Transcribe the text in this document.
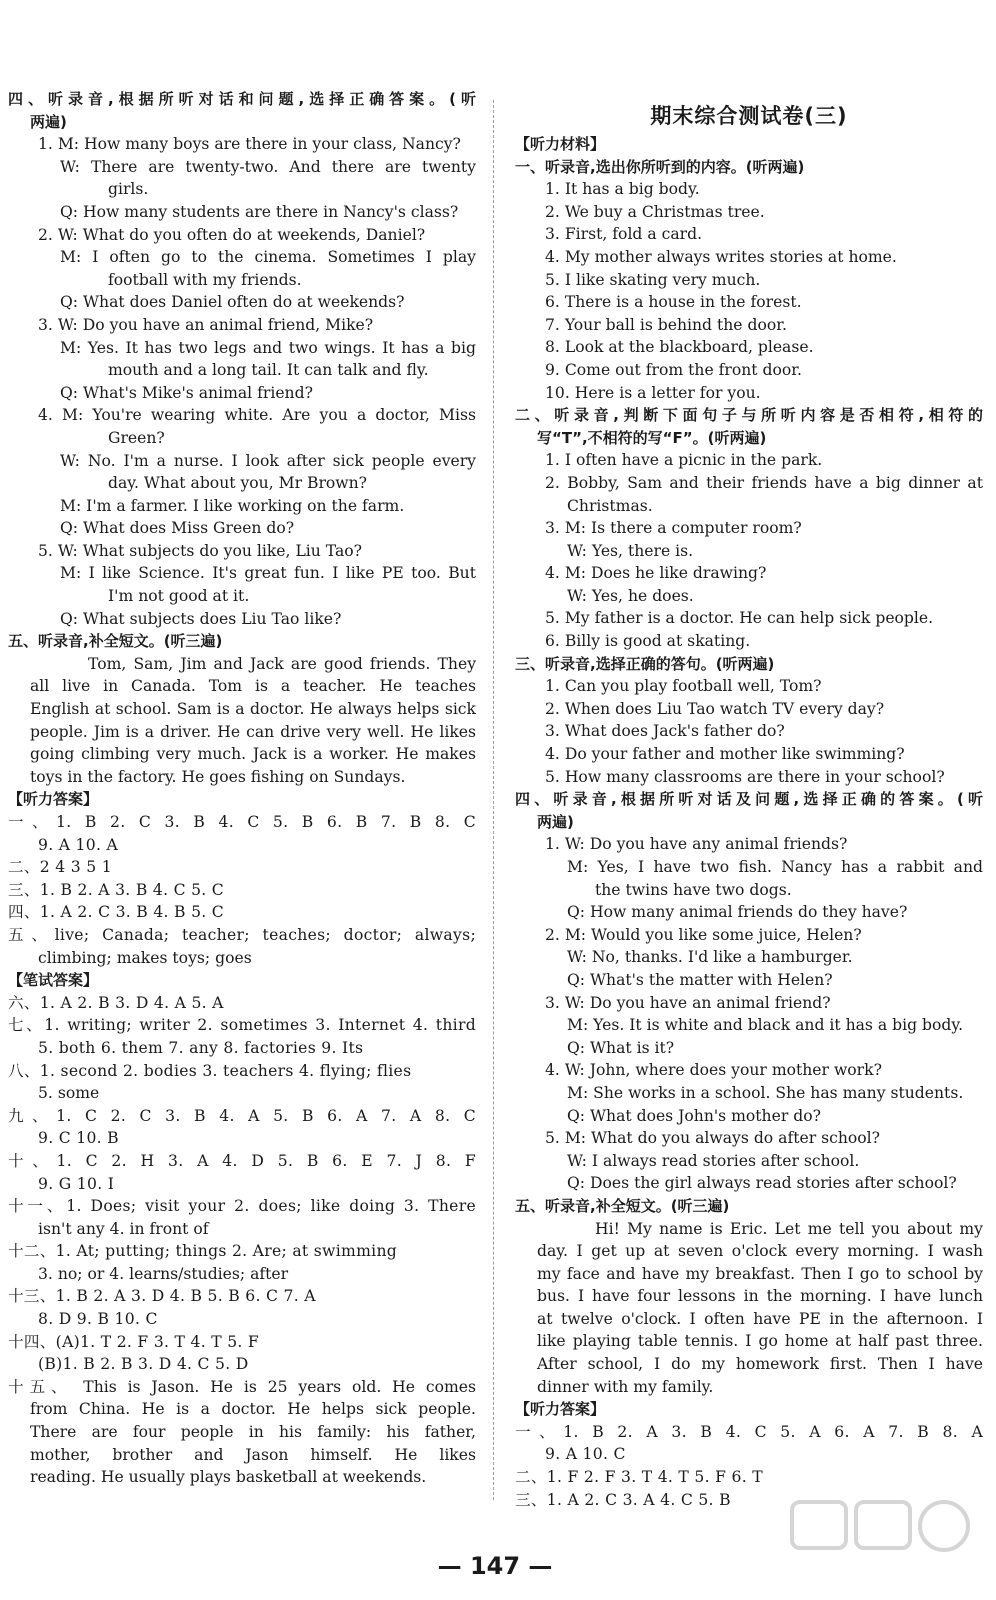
四、听录音,根据所听对话和问题,选择正确答案。(听
两遍)
1. M: How many boys are there in your class, Nancy?
W: There are twenty-two. And there are twenty
girls.
Q: How many students are there in Nancy's class?
2. W: What do you often do at weekends, Daniel?
M: I often go to the cinema. Sometimes I play
football with my friends.
Q: What does Daniel often do at weekends?
3. W: Do you have an animal friend, Mike?
M: Yes. It has two legs and two wings. It has a big
mouth and a long tail. It can talk and fly.
Q: What's Mike's animal friend?
4. M: You're wearing white. Are you a doctor, Miss
Green?
W: No. I'm a nurse. I look after sick people every
day. What about you, Mr Brown?
M: I'm a farmer. I like working on the farm.
Q: What does Miss Green do?
5. W: What subjects do you like, Liu Tao?
M: I like Science. It's great fun. I like PE too. But
I'm not good at it.
Q: What subjects does Liu Tao like?
五、听录音,补全短文。(听三遍)
Tom, Sam, Jim and Jack are good friends. They
all live in Canada. Tom is a teacher. He teaches
English at school. Sam is a doctor. He always helps sick
people. Jim is a driver. He can drive very well. He likes
going climbing very much. Jack is a worker. He makes
toys in the factory. He goes fishing on Sundays.
【听力答案】
一、1. B 2. C 3. B 4. C 5. B 6. B 7. B 8. C
9. A 10. A
二、2 4 3 5 1
三、1. B 2. A 3. B 4. C 5. C
四、1. A 2. C 3. B 4. B 5. C
五、live; Canada; teacher; teaches; doctor; always;
climbing; makes toys; goes
【笔试答案】
六、1. A 2. B 3. D 4. A 5. A
七、1. writing; writer 2. sometimes 3. Internet 4. third
5. both 6. them 7. any 8. factories 9. Its
八、1. second 2. bodies 3. teachers 4. flying; flies
5. some
九、1. C 2. C 3. B 4. A 5. B 6. A 7. A 8. C
9. C 10. B
十、1. C 2. H 3. A 4. D 5. B 6. E 7. J 8. F
9. G 10. I
十一、1. Does; visit your 2. does; like doing 3. There
isn't any 4. in front of
十二、1. At; putting; things 2. Are; at swimming
3. no; or 4. learns/studies; after
十三、1. B 2. A 3. D 4. B 5. B 6. C 7. A
8. D 9. B 10. C
十四、(A)1. T 2. F 3. T 4. T 5. F
(B)1. B 2. B 3. D 4. C 5. D
十五、 This is Jason. He is 25 years old. He comes
from China. He is a doctor. He helps sick people.
There are four people in his family: his father,
mother, brother and Jason himself. He likes
reading. He usually plays basketball at weekends.
期末综合测试卷(三)
【听力材料】
一、听录音,选出你所听到的内容。(听两遍)
1. It has a big body.
2. We buy a Christmas tree.
3. First, fold a card.
4. My mother always writes stories at home.
5. I like skating very much.
6. There is a house in the forest.
7. Your ball is behind the door.
8. Look at the blackboard, please.
9. Come out from the front door.
10. Here is a letter for you.
二、听录音,判断下面句子与所听内容是否相符,相符的
写“T”,不相符的写“F”。(听两遍)
1. I often have a picnic in the park.
2. Bobby, Sam and their friends have a big dinner at
Christmas.
3. M: Is there a computer room?
W: Yes, there is.
4. M: Does he like drawing?
W: Yes, he does.
5. My father is a doctor. He can help sick people.
6. Billy is good at skating.
三、听录音,选择正确的答句。(听两遍)
1. Can you play football well, Tom?
2. When does Liu Tao watch TV every day?
3. What does Jack's father do?
4. Do your father and mother like swimming?
5. How many classrooms are there in your school?
四、听录音,根据所听对话及问题,选择正确的答案。(听
两遍)
1. W: Do you have any animal friends?
M: Yes, I have two fish. Nancy has a rabbit and
the twins have two dogs.
Q: How many animal friends do they have?
2. M: Would you like some juice, Helen?
W: No, thanks. I'd like a hamburger.
Q: What's the matter with Helen?
3. W: Do you have an animal friend?
M: Yes. It is white and black and it has a big body.
Q: What is it?
4. W: John, where does your mother work?
M: She works in a school. She has many students.
Q: What does John's mother do?
5. M: What do you always do after school?
W: I always read stories after school.
Q: Does the girl always read stories after school?
五、听录音,补全短文。(听三遍)
Hi! My name is Eric. Let me tell you about my
day. I get up at seven o'clock every morning. I wash
my face and have my breakfast. Then I go to school by
bus. I have four lessons in the morning. I have lunch
at twelve o'clock. I often have PE in the afternoon. I
like playing table tennis. I go home at half past three.
After school, I do my homework first. Then I have
dinner with my family.
【听力答案】
一、1. B 2. A 3. B 4. C 5. A 6. A 7. B 8. A
9. A 10. C
二、1. F 2. F 3. T 4. T 5. F 6. T
三、1. A 2. C 3. A 4. C 5. B
— 147 —
